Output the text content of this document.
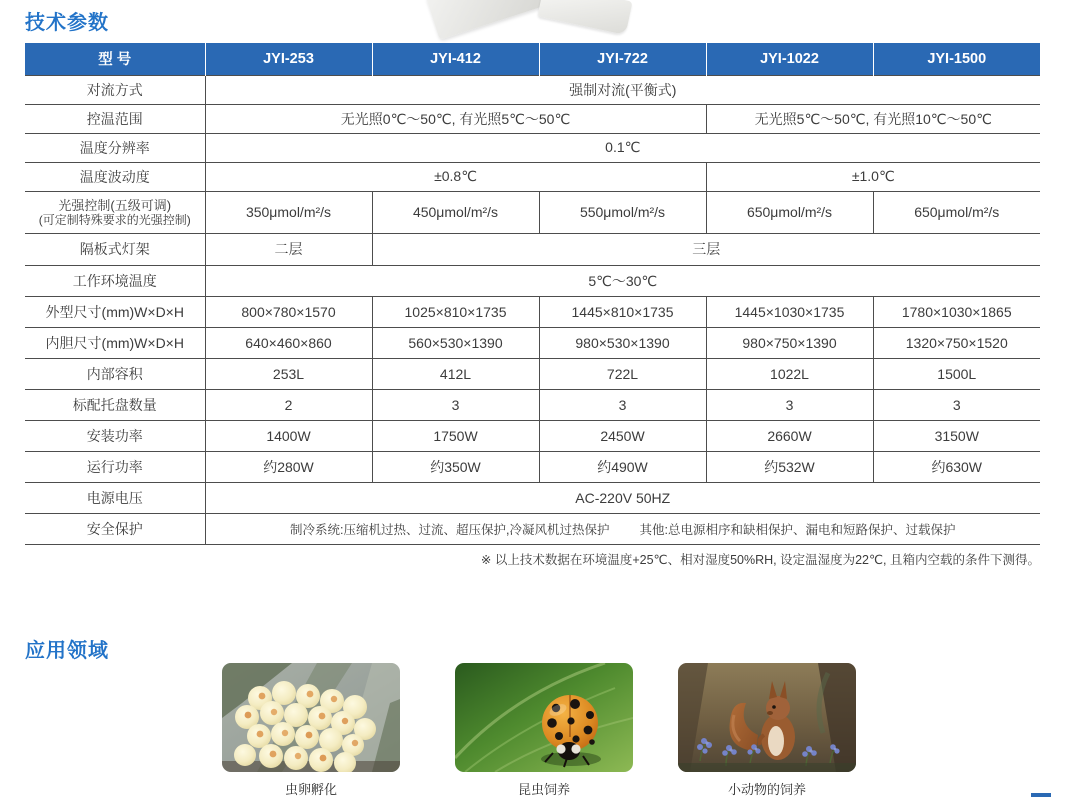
技术参数
型 号	JYI-253	JYI-412	JYI-722	JYI-1022	JYI-1500
对流方式	强制对流(平衡式)				
控温范围	无光照0℃～50℃, 有光照5℃～50℃			无光照5℃～50℃, 有光照10℃～50℃	
温度分辨率	0.1℃				
温度波动度	±0.8℃			±1.0℃	

光强控制(五级可调)
(可定制特殊要求的光强控制)	350μmol/m²/s	450μmol/m²/s	550μmol/m²/s	650μmol/m²/s	650μmol/m²/s
隔板式灯架	二层	三层			
工作环境温度	5℃～30℃				
外型尺寸(mm)W×D×H	800×780×1570	1025×810×1735	1445×810×1735	1445×1030×1735	1780×1030×1865
内胆尺寸(mm)W×D×H	640×460×860	560×530×1390	980×530×1390	980×750×1390	1320×750×1520
内部容积	253L	412L	722L	1022L	1500L
标配托盘数量	2	3	3	3	3
安装功率	1400W	1750W	2450W	2660W	3150W
运行功率	约280W	约350W	约490W	约532W	约630W
电源电压	AC-220V 50HZ				
安全保护	制冷系统:压缩机过热、过流、超压保护,冷凝风机过热保护 其他:总电源相序和缺相保护、漏电和短路保护、过载保护				
※ 以上技术数据在环境温度+25℃、相对湿度50%RH, 设定温湿度为22℃, 且箱内空载的条件下测得。
应用领域
虫卵孵化	昆虫饲养	小动物的饲养
